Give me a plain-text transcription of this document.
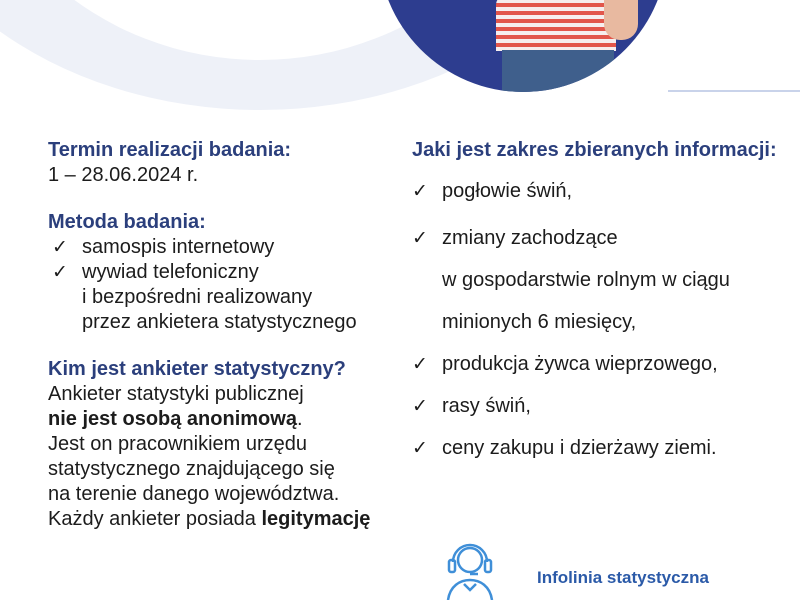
Termin realizacji badania:

1 – 28.06.2024 r.

Metoda badania:
✓ samospis internetowy
✓ wywiad telefoniczny
i bezpośredni realizowany
przez ankietera statystycznego
Kim jest ankieter statystyczny?

Ankieter statystyki publicznej

nie jest osobą anonimową.

Jest on pracownikiem urzędu

statystycznego znajdującego się

na terenie danego województwa.

Każdy ankieter posiada legitymację

Jaki jest zakres zbieranych informacji:
✓ pogłowie świń,
✓ zmiany zachodzące
w gospodarstwie rolnym w ciągu
minionych 6 miesięcy,
✓ produkcja żywca wieprzowego,
✓ rasy świń,
✓ ceny zakupu i dzierżawy ziemi.
Infolinia statystyczna
